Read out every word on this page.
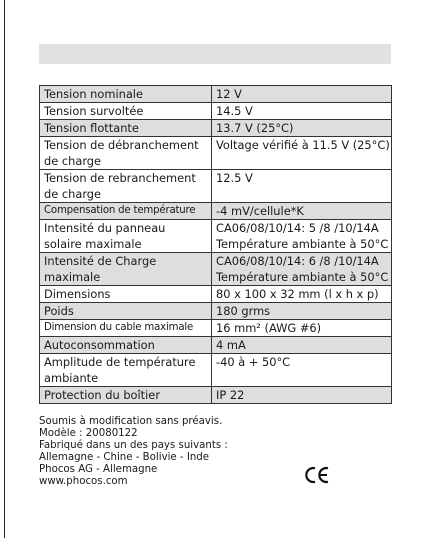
Tension nominale	12 V

Tension survoltée	14.5 V

Tension flottante	13.7 V (25°C)

Tension de débranchement
de charge	Voltage vérifié à 11.5 V (25°C)

Tension de rebranchement
de charge	12.5 V

Compensation de température	-4 mV/cellule*K

Intensité du panneau
solaire maximale	CA06/08/10/14: 5 /8 /10/14A
Température ambiante à 50°C

Intensité de Charge
maximale	CA06/08/10/14: 6 /8 /10/14A
Température ambiante à 50°C

Dimensions	80 x 100 x 32 mm (l x h x p)

Poids	180 grms

Dimension du cable maximale	16 mm² (AWG #6)

Autoconsommation	4 mA

Amplitude de température
ambiante	-40 à + 50°C

Protection du boîtier	IP 22
Soumis à modification sans préavis.
Modèle : 20080122
Fabriqué dans un des pays suivants :
Allemagne - Chine - Bolivie - Inde
Phocos AG - Allemagne
www.phocos.com
